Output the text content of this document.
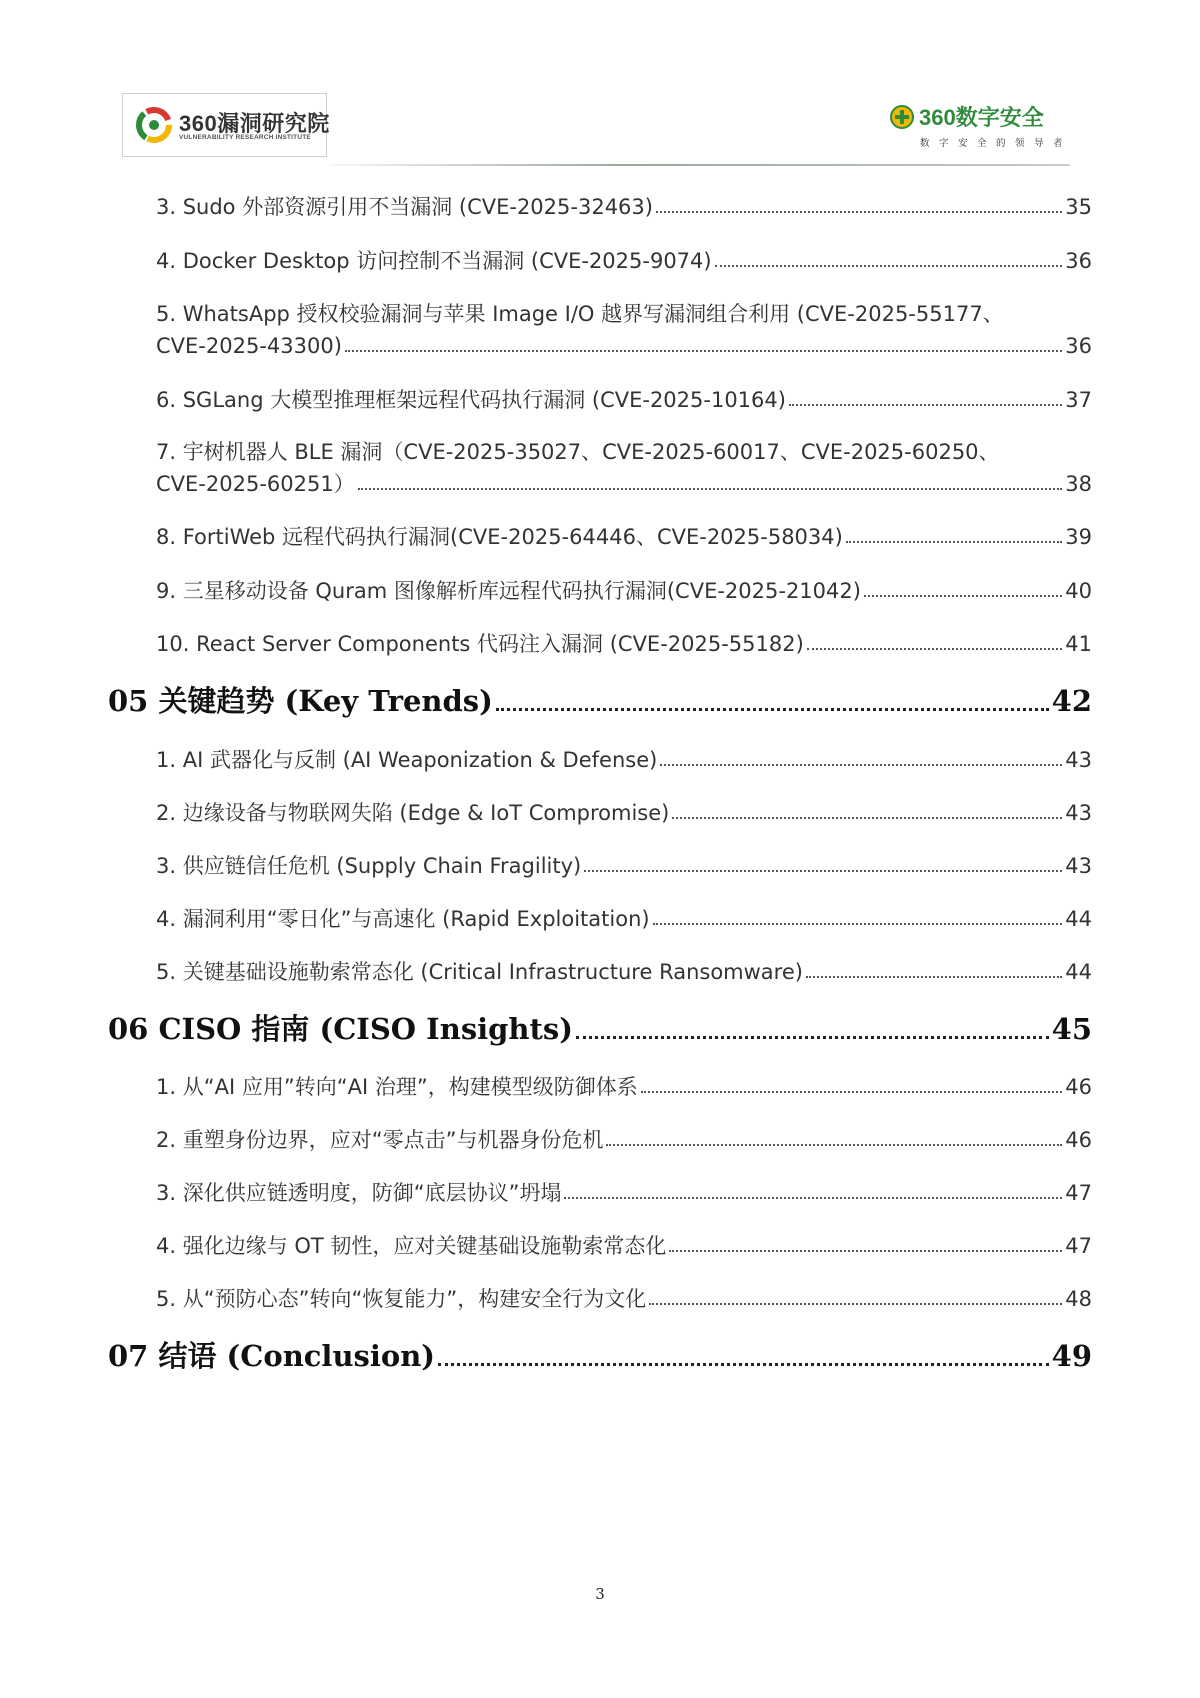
360漏洞研究院
VULNERABILITY RESEARCH INSTITUTE
360数字安全
数字安全的领导者
3. Sudo 外部资源引用不当漏洞 (CVE-2025-32463)	35
4. Docker Desktop 访问控制不当漏洞 (CVE-2025-9074)	36
5. WhatsApp 授权校验漏洞与苹果 Image I/O 越界写漏洞组合利用 (CVE-2025-55177、
CVE-2025-43300)	36
6. SGLang 大模型推理框架远程代码执行漏洞 (CVE-2025-10164)	37
7. 宇树机器人 BLE 漏洞（CVE-2025-35027、CVE-2025-60017、CVE-2025-60250、
CVE-2025-60251）	38
8. FortiWeb 远程代码执行漏洞(CVE-2025-64446、CVE-2025-58034)	39
9. 三星移动设备 Quram 图像解析库远程代码执行漏洞(CVE-2025-21042)	40
10. React Server Components 代码注入漏洞 (CVE-2025-55182)	41
05 关键趋势 (Key Trends)	42
1. AI 武器化与反制 (AI Weaponization & Defense)	43
2. 边缘设备与物联网失陷 (Edge & IoT Compromise)	43
3. 供应链信任危机 (Supply Chain Fragility)	43
4. 漏洞利用“零日化”与高速化 (Rapid Exploitation)	44
5. 关键基础设施勒索常态化 (Critical Infrastructure Ransomware)	44
06 CISO 指南 (CISO Insights)	45
1. 从“AI 应用”转向“AI 治理”，构建模型级防御体系	46
2. 重塑身份边界，应对“零点击”与机器身份危机	46
3. 深化供应链透明度，防御“底层协议”坍塌	47
4. 强化边缘与 OT 韧性，应对关键基础设施勒索常态化	47
5. 从“预防心态”转向“恢复能力”，构建安全行为文化	48
07 结语 (Conclusion)	49
3
